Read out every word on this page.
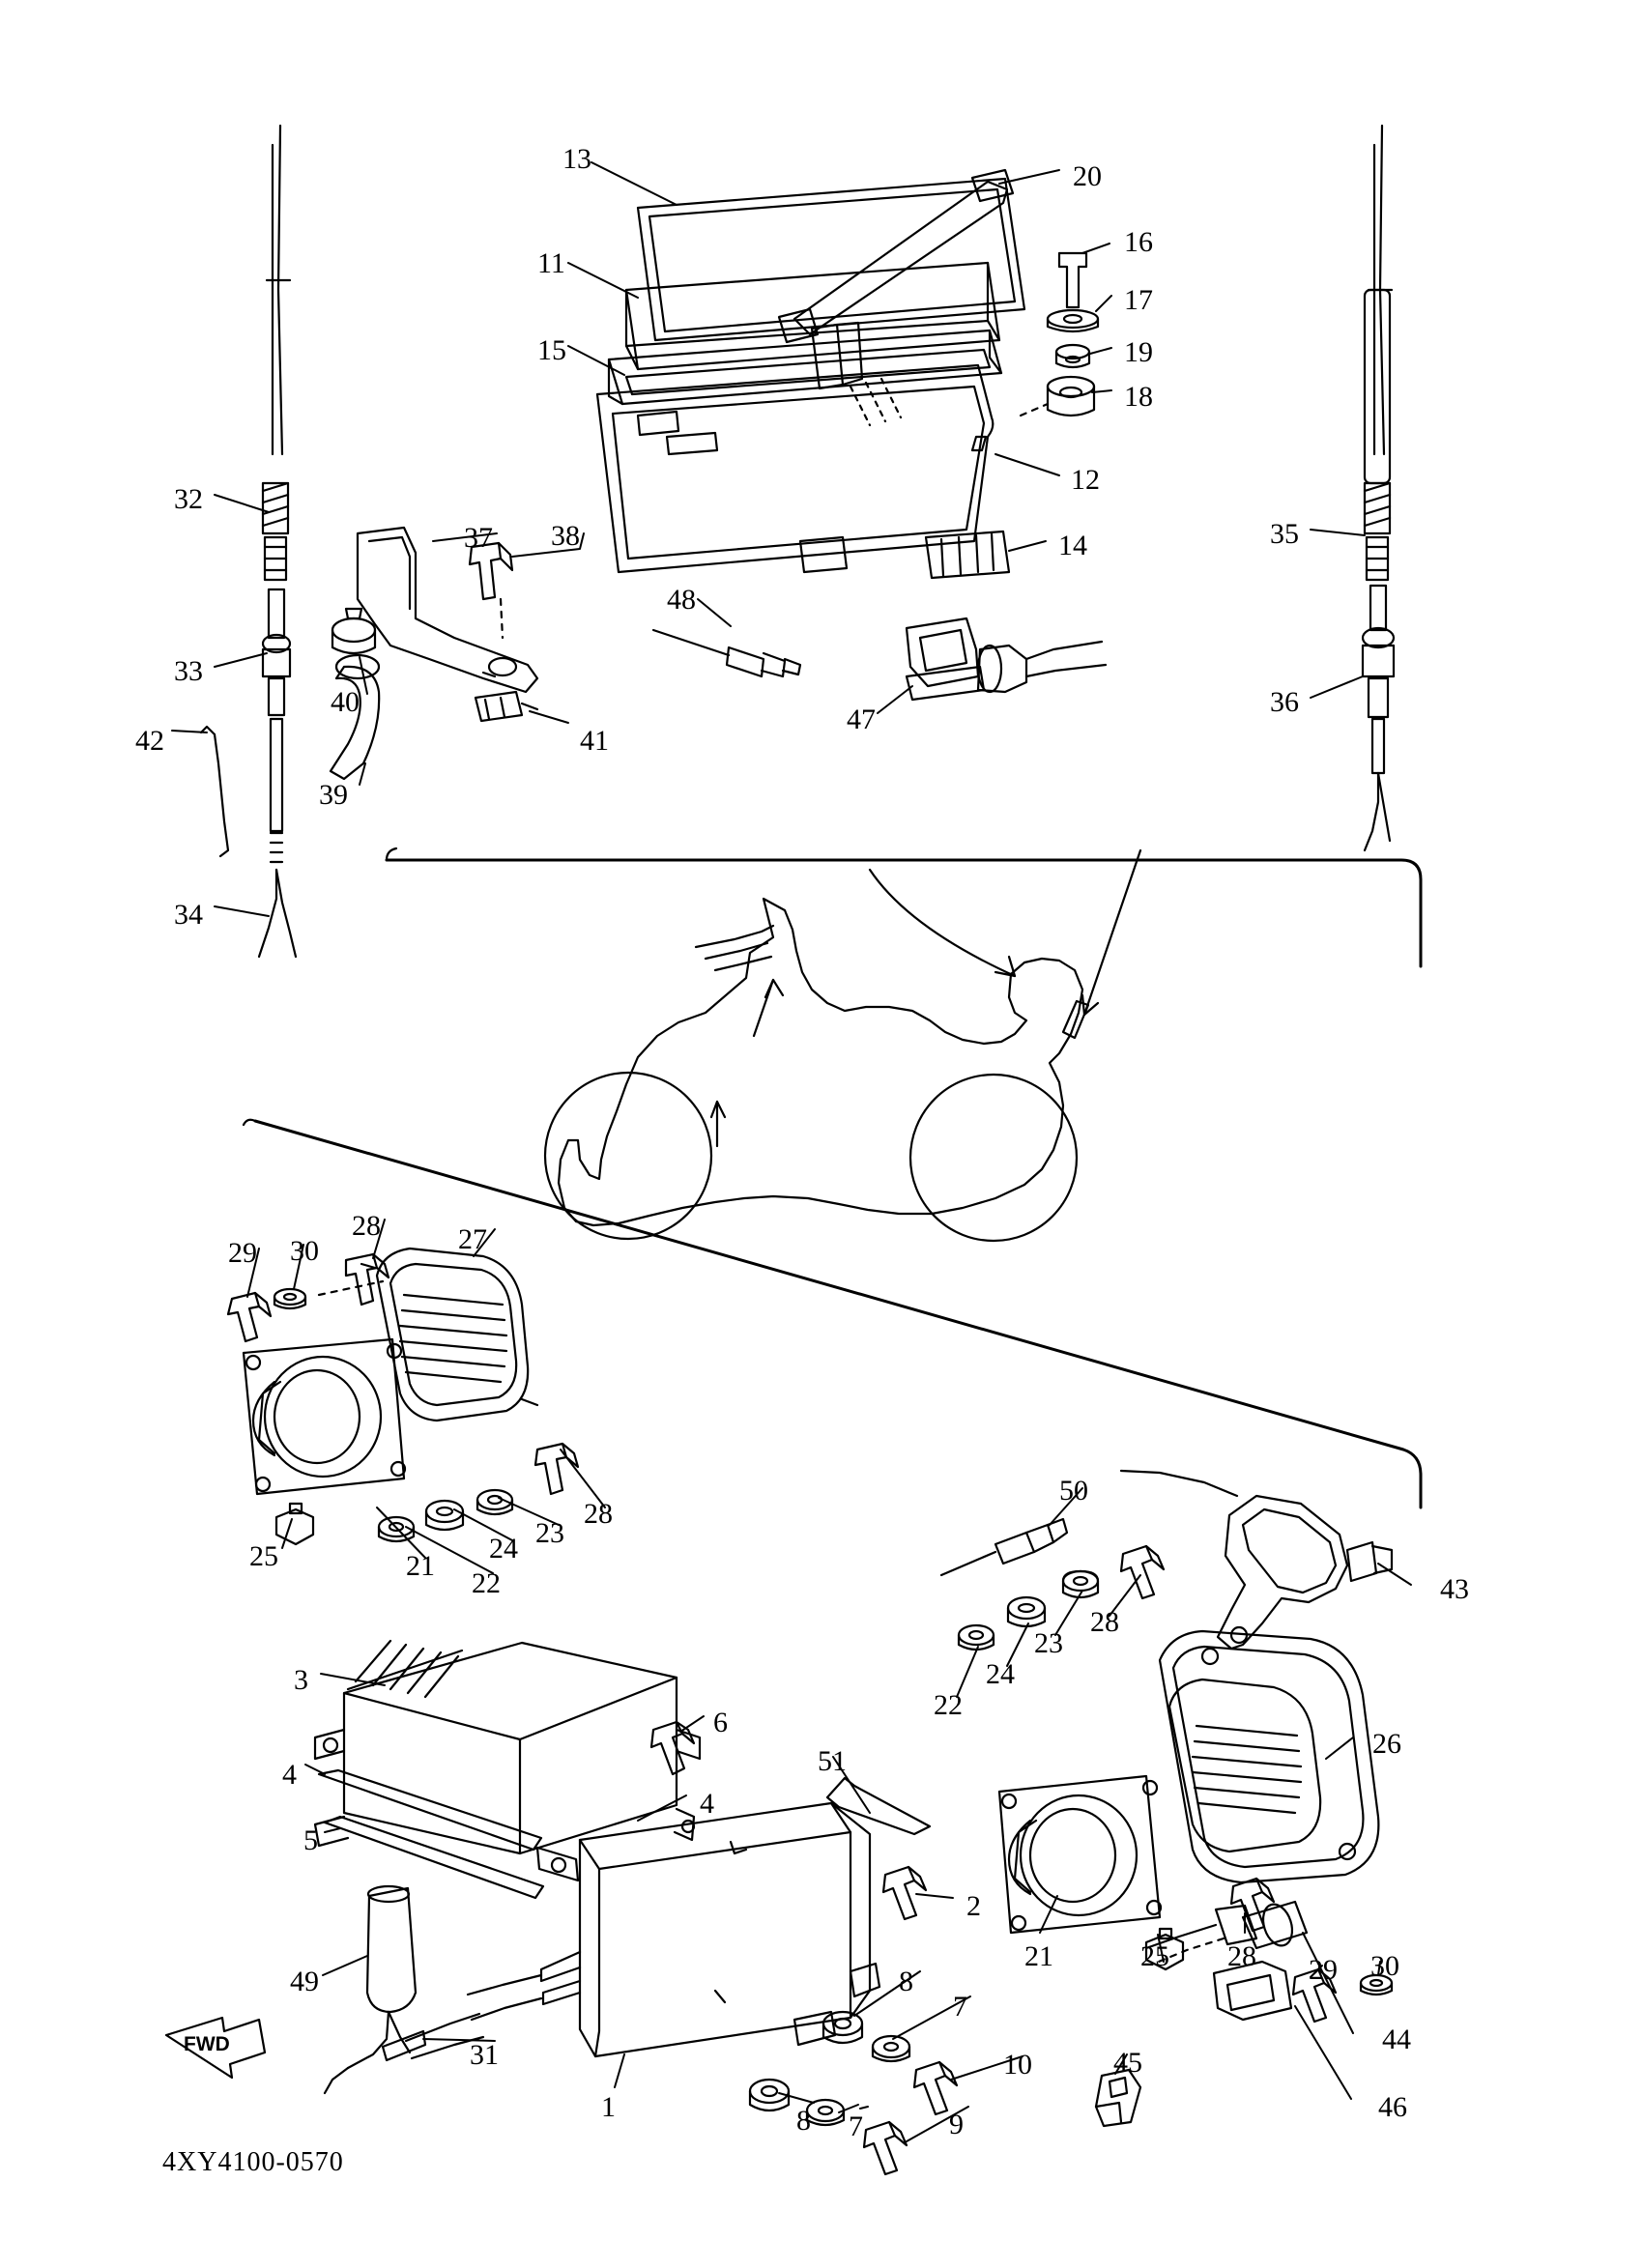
13
20
11
16
17
15	19
18
12
32
14
37 38
48
33
35
36
40
41
47
42
39
34
28	27
29 30
50
28
23
43
24
22
25	21
28
23
24
22
3
6
26
4
4
51
5
2
21	25 28 29 30
8
7
49
31	10
44
45
1	8 7	9
46
FWD
4XY4100-0570
